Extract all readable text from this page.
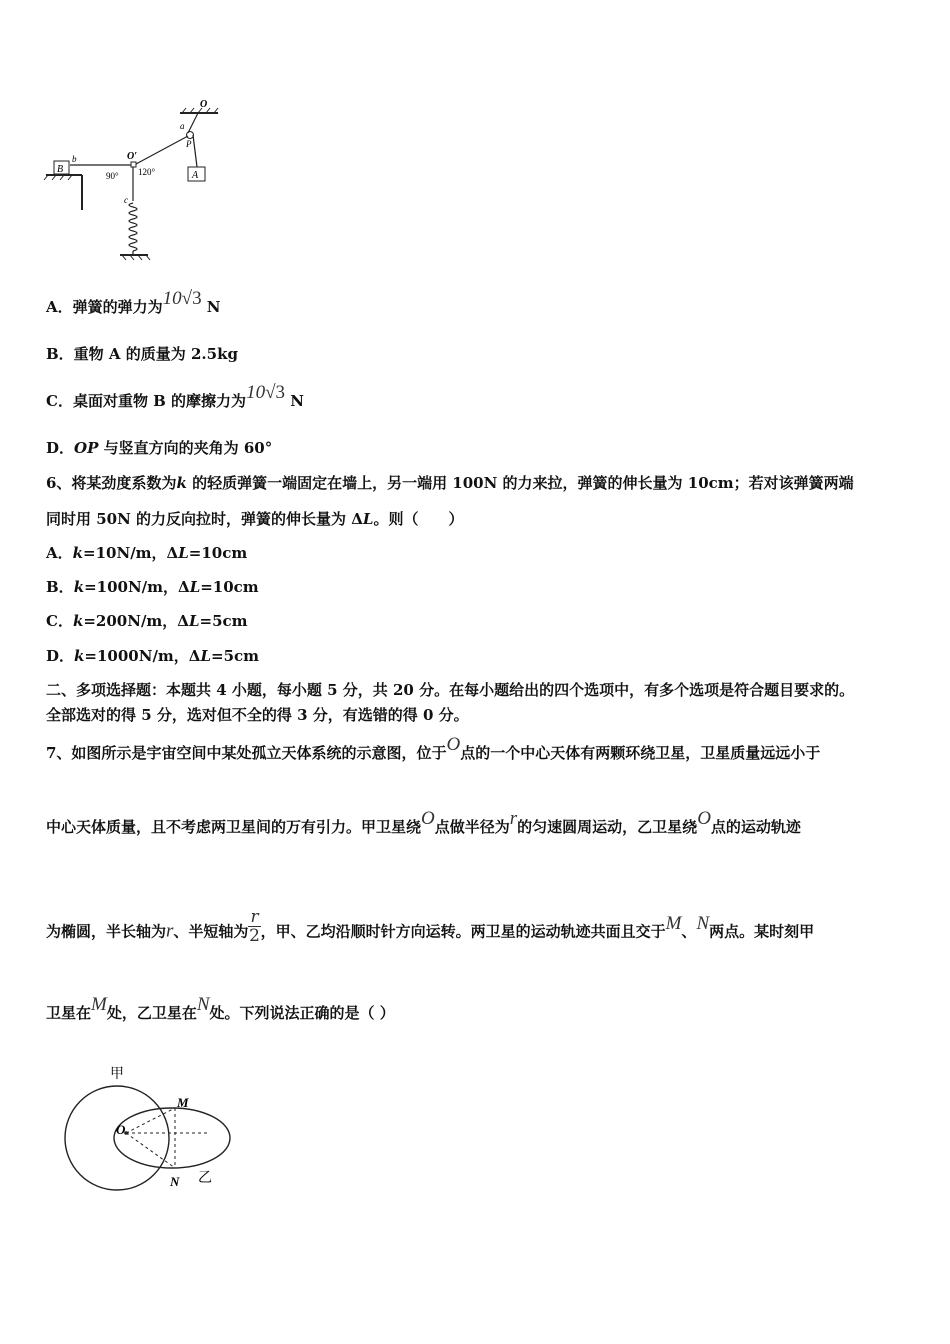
O
a
P
A
O′
120°
90°
b
B
c
A．弹簧的弹力为10√3 N
B．重物 A 的质量为 2.5kg
C．桌面对重物 B 的摩擦力为10√3 N
D．OP 与竖直方向的夹角为 60°
6、将某劲度系数为k 的轻质弹簧一端固定在墙上，另一端用 100N 的力来拉，弹簧的伸长量为 10cm；若对该弹簧两端
同时用 50N 的力反向拉时，弹簧的伸长量为 ΔL。则（　　）
A．k=10N/m，ΔL=10cm
B．k=100N/m，ΔL=10cm
C．k=200N/m，ΔL=5cm
D．k=1000N/m，ΔL=5cm
二、多项选择题：本题共 4 小题，每小题 5 分，共 20 分。在每小题给出的四个选项中，有多个选项是符合题目要求的。
全部选对的得 5 分，选对但不全的得 3 分，有选错的得 0 分。
7、如图所示是宇宙空间中某处孤立天体系统的示意图，位于O点的一个中心天体有两颗环绕卫星，卫星质量远远小于
中心天体质量，且不考虑两卫星间的万有引力。甲卫星绕O点做半径为r的匀速圆周运动，乙卫星绕O点的运动轨迹
为椭圆，半长轴为r、半短轴为 $\frac{r}{2}$ ，甲、乙均沿顺时针方向运转。两卫星的运动轨迹共面且交于M、N两点。某时刻甲
卫星在M处，乙卫星在N处。下列说法正确的是（ ）
甲
M
O
N 乙
